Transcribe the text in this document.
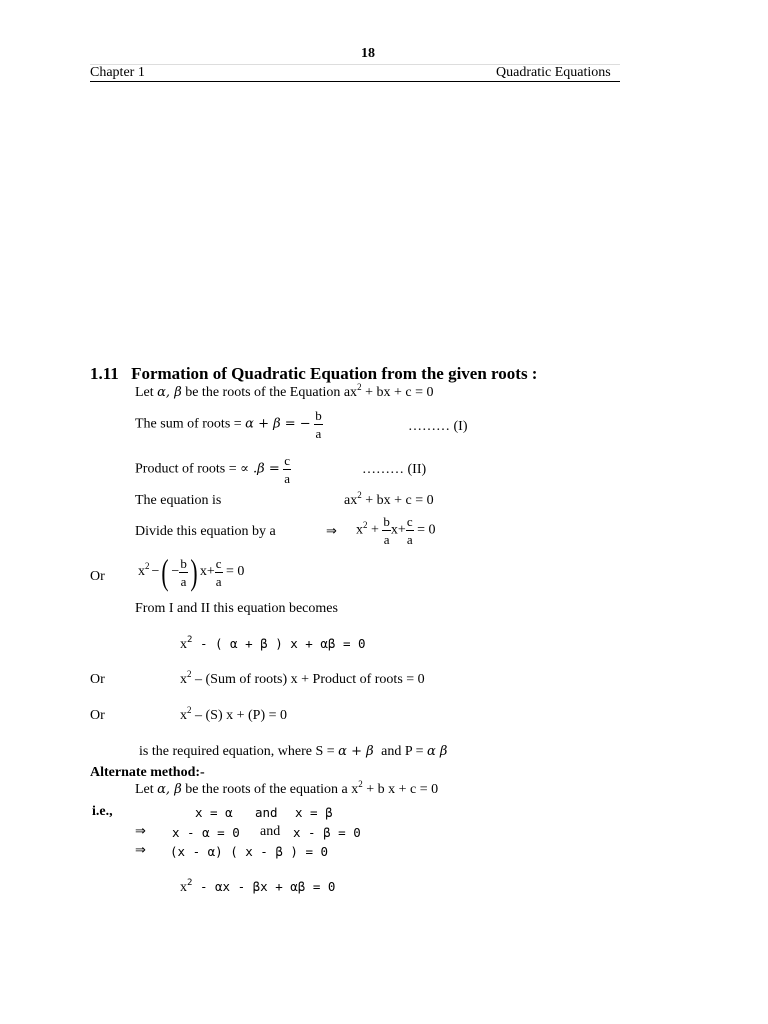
18
Chapter 1	Quadratic Equations
1.11 Formation of Quadratic Equation from the given roots :
Let α, β be the roots of the Equation $ax^2$ + bx + c = 0
The sum of roots = α + β = − $\frac{b}{a}$	……… (I)
Product of roots = ∝ $.\beta = \frac{c}{a}$	……… (II)
The equation is	$ax^2$ + bx + c = 0
Divide this equation by a	⇒ $x^2 + \frac{b}{a} x+ \frac{c}{a} = 0$
Or $x^2$ −( − $\frac{b}{a}$ ) $x+ \frac{c}{a} = 0$
From I and II this equation becomes
$x^2$ - ( α + β ) x + αβ = 0
Or	$x^2 - (Sum$ of roots) x + Product of roots = 0
Or	$x^2 - (S) x + (P) = 0$
is the required equation, where S = α + β and P = α β
Alternate method:-
Let α, β be the roots of the equation a $x^2 + b$ x + c = 0
i.e.,	x = α and x = β
⇒ x - α = 0 and x - β = 0
⇒ (x - α) ( x - β ) = 0
$x^2 - \alpha x - \beta x + \alpha\beta = 0$
